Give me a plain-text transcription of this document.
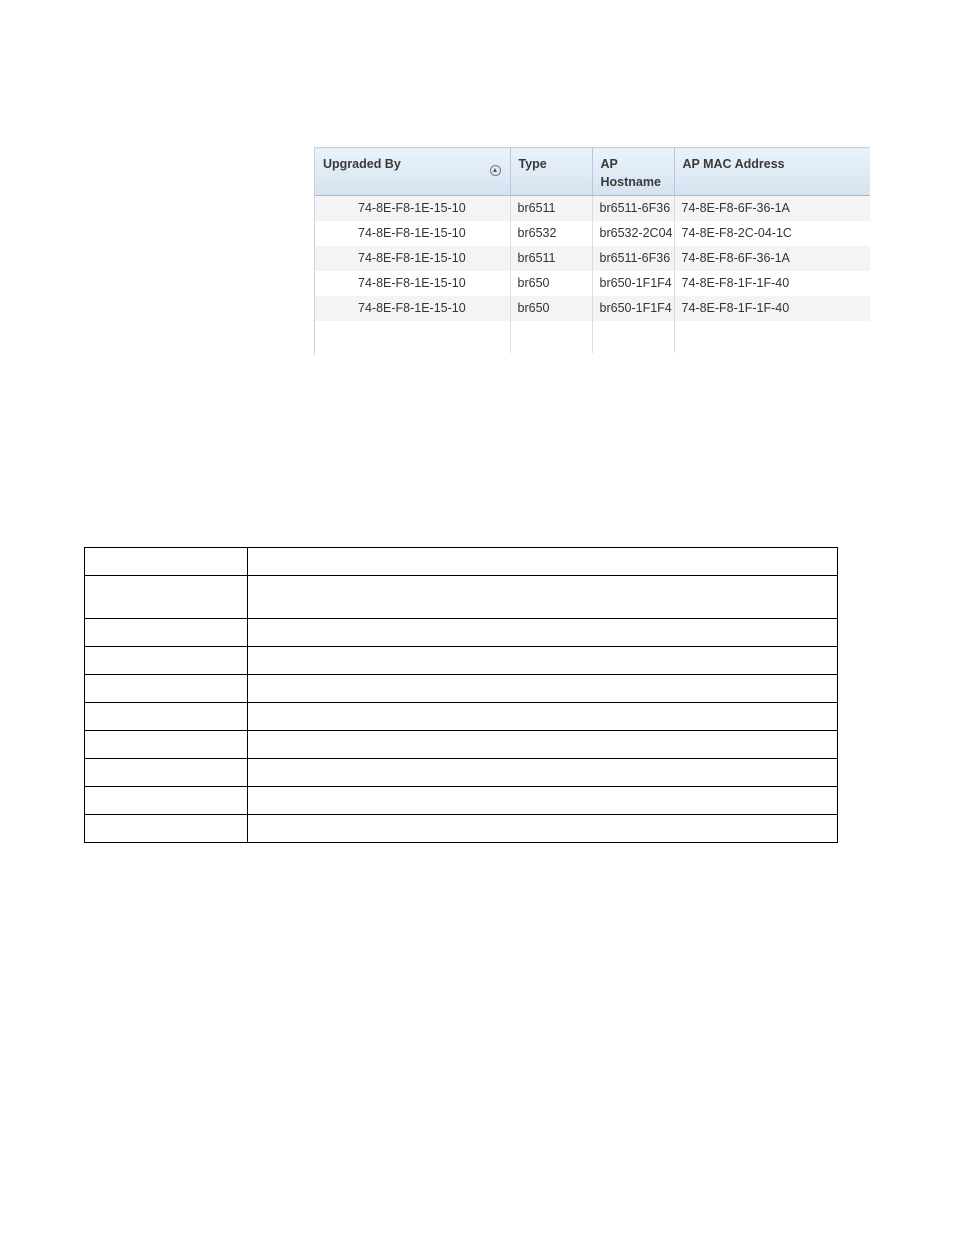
Upgraded By	Type	AP Hostname	AP MAC Address

74-8E-F8-1E-15-10	br6511	br6511-6F36	74-8E-F8-6F-36-1A
74-8E-F8-1E-15-10	br6532	br6532-2C04	74-8E-F8-2C-04-1C
74-8E-F8-1E-15-10	br6511	br6511-6F36	74-8E-F8-6F-36-1A
74-8E-F8-1E-15-10	br650	br650-1F1F4	74-8E-F8-1F-1F-40
74-8E-F8-1E-15-10	br650	br650-1F1F4	74-8E-F8-1F-1F-40
